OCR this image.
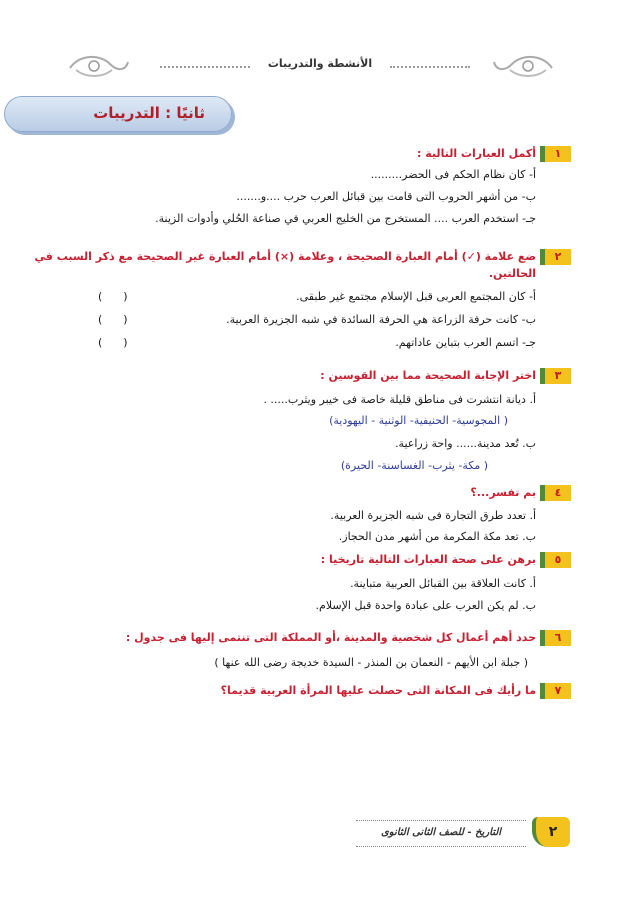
الأنشطة والتدريبات
ثانيًا : التدريبات
١
أكمل العبارات التالية :
أ- كان نظام الحكم فى الحضر.........
ب- من أشهر الحروب التى قامت بين قبائل العرب حرب ....و.......
جـ- استخدم العرب .... المستخرج من الخليج العربي في صناعة الحُلي وأدوات الزينة.
٢
ضع علامة (✓) أمام العبارة الصحيحة ، وعلامة (×) أمام العبارة غير الصحيحة مع ذكر السبب في
الحالتين.
أ- كان المجتمع العربى قبل الإسلام مجتمع غير طبقى.
(      )
ب- كانت حرفة الزراعة هي الحرفة السائدة في شبه الجزيرة العربية.
(      )
جـ- اتسم العرب بتباين عاداتهم.
(      )
٣
اختر الإجابة الصحيحة مما بين القوسين :
أ. ديانة انتشرت فى مناطق قليلة خاصة فى خيبر ويثرب..... .
( المجوسية- الحنيفية- الوثنية - اليهودية)
ب. تُعد مدينة...... واحة زراعية.
( مكة- يثرب- الغساسنة- الحيرة)
٤
بم تفسر...؟
أ. تعدد طرق التجارة فى شبه الجزيرة العربية.
ب. تعد مكة المكرمة من أشهر مدن الحجاز.
٥
برهن على صحة العبارات التالية تاريخيا :
أ. كانت العلاقة بين القبائل العربية متباينة.
ب. لم يكن العرب على عبادة واحدة قبل الإسلام.
٦
حدد أهم أعمال كل شخصية والمدينة ،أو المملكة التى تنتمى إليها فى جدول :
( جبلة ابن الأيهم - النعمان بن المنذر - السيدة خديجة رضى الله عنها )
٧
ما رأيك فى المكانة التى حصلت عليها المرأة العربية قديما؟
التاريخ - للصف الثانى الثانوى	٢
